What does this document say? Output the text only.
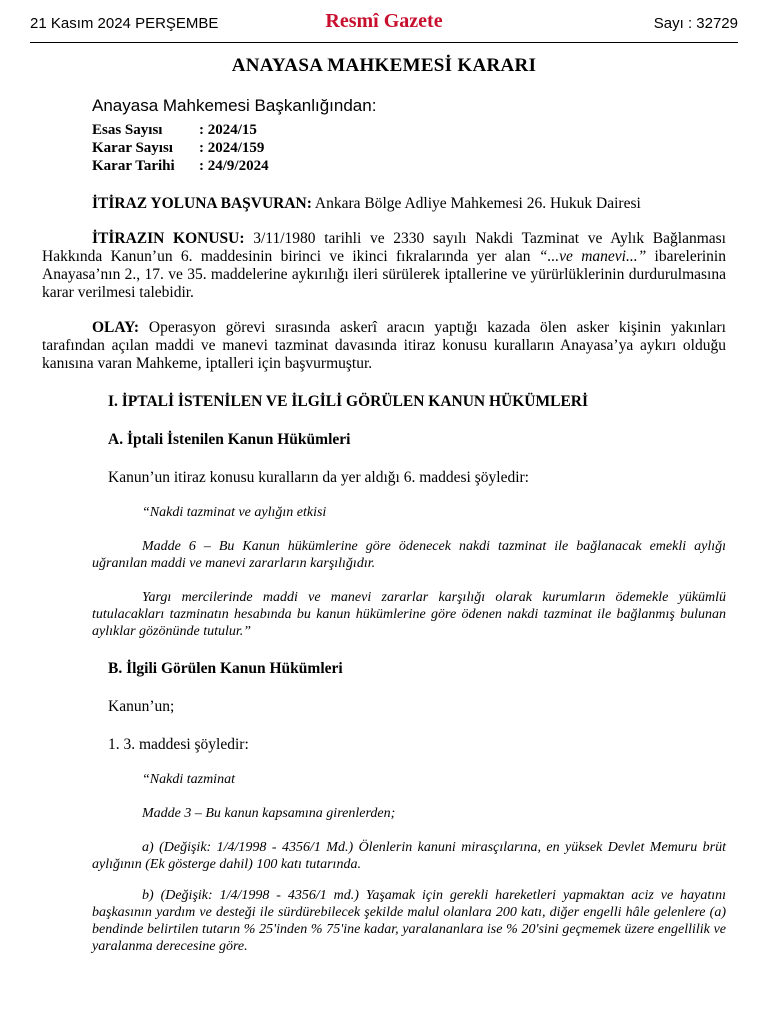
21 Kasım 2024 PERŞEMBE	Resmî Gazete	Sayı : 32729
ANAYASA MAHKEMESİ KARARI
Anayasa Mahkemesi Başkanlığından:
Esas Sayısı	: 2024/15
Karar Sayısı	: 2024/159
Karar Tarihi	: 24/9/2024

İTİRAZ YOLUNA BAŞVURAN: Ankara Bölge Adliye Mahkemesi 26. Hukuk Dairesi

İTİRAZIN KONUSU: 3/11/1980 tarihli ve 2330 sayılı Nakdi Tazminat ve Aylık Bağlanması Hakkında Kanun’un 6. maddesinin birinci ve ikinci fıkralarında yer alan “...ve manevi...” ibarelerinin Anayasa’nın 2., 17. ve 35. maddelerine aykırılığı ileri sürülerek iptallerine ve yürürlüklerinin durdurulmasına karar verilmesi talebidir.

OLAY: Operasyon görevi sırasında askerî aracın yaptığı kazada ölen asker kişinin yakınları tarafından açılan maddi ve manevi tazminat davasında itiraz konusu kuralların Anayasa’ya aykırı olduğu kanısına varan Mahkeme, iptalleri için başvurmuştur.

I. İPTALİ İSTENİLEN VE İLGİLİ GÖRÜLEN KANUN HÜKÜMLERİ
A. İptali İstenilen Kanun Hükümleri
Kanun’un itiraz konusu kuralların da yer aldığı 6. maddesi şöyledir:

“Nakdi tazminat ve aylığın etkisi

Madde 6 – Bu Kanun hükümlerine göre ödenecek nakdi tazminat ile bağlanacak emekli aylığı uğranılan maddi ve manevi zararların karşılığıdır.

Yargı mercilerinde maddi ve manevi zararlar karşılığı olarak kurumların ödemekle yükümlü tutulacakları tazminatın hesabında bu kanun hükümlerine göre ödenen nakdi tazminat ile bağlanmış bulunan aylıklar gözönünde tutulur.”

B. İlgili Görülen Kanun Hükümleri
Kanun’un;
1. 3. maddesi şöyledir:

“Nakdi tazminat

Madde 3 – Bu kanun kapsamına girenlerden;

a) (Değişik: 1/4/1998 - 4356/1 Md.) Ölenlerin kanuni mirasçılarına, en yüksek Devlet Memuru brüt aylığının (Ek gösterge dahil) 100 katı tutarında.

b) (Değişik: 1/4/1998 - 4356/1 md.) Yaşamak için gerekli hareketleri yapmaktan aciz ve hayatını başkasının yardım ve desteği ile sürdürebilecek şekilde malul olanlara 200 katı, diğer engelli hâle gelenlere (a) bendinde belirtilen tutarın % 25'inden % 75'ine kadar, yaralananlara ise % 20'sini geçmemek üzere engellilik ve yaralanma derecesine göre.
